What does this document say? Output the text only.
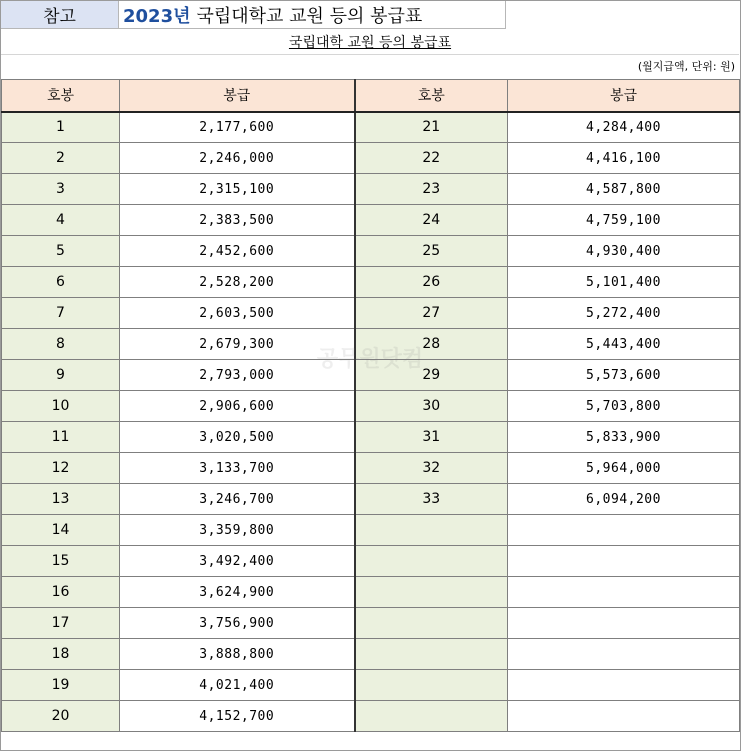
참고	2023년 국립대학교 교원 등의 봉급표
국립대학 교원 등의 봉급표
(월지급액, 단위: 원)
호봉	봉급	호봉	봉급
1	2,177,600	21	4,284,400
2	2,246,000	22	4,416,100
3	2,315,100	23	4,587,800
4	2,383,500	24	4,759,100
5	2,452,600	25	4,930,400
6	2,528,200	26	5,101,400
7	2,603,500	27	5,272,400
8	2,679,300	28	5,443,400
9	2,793,000	29	5,573,600
10	2,906,600	30	5,703,800
11	3,020,500	31	5,833,900
12	3,133,700	32	5,964,000
13	3,246,700	33	6,094,200
14	3,359,800		
15	3,492,400		
16	3,624,900		
17	3,756,900		
18	3,888,800		
19	4,021,400		
20	4,152,700		
